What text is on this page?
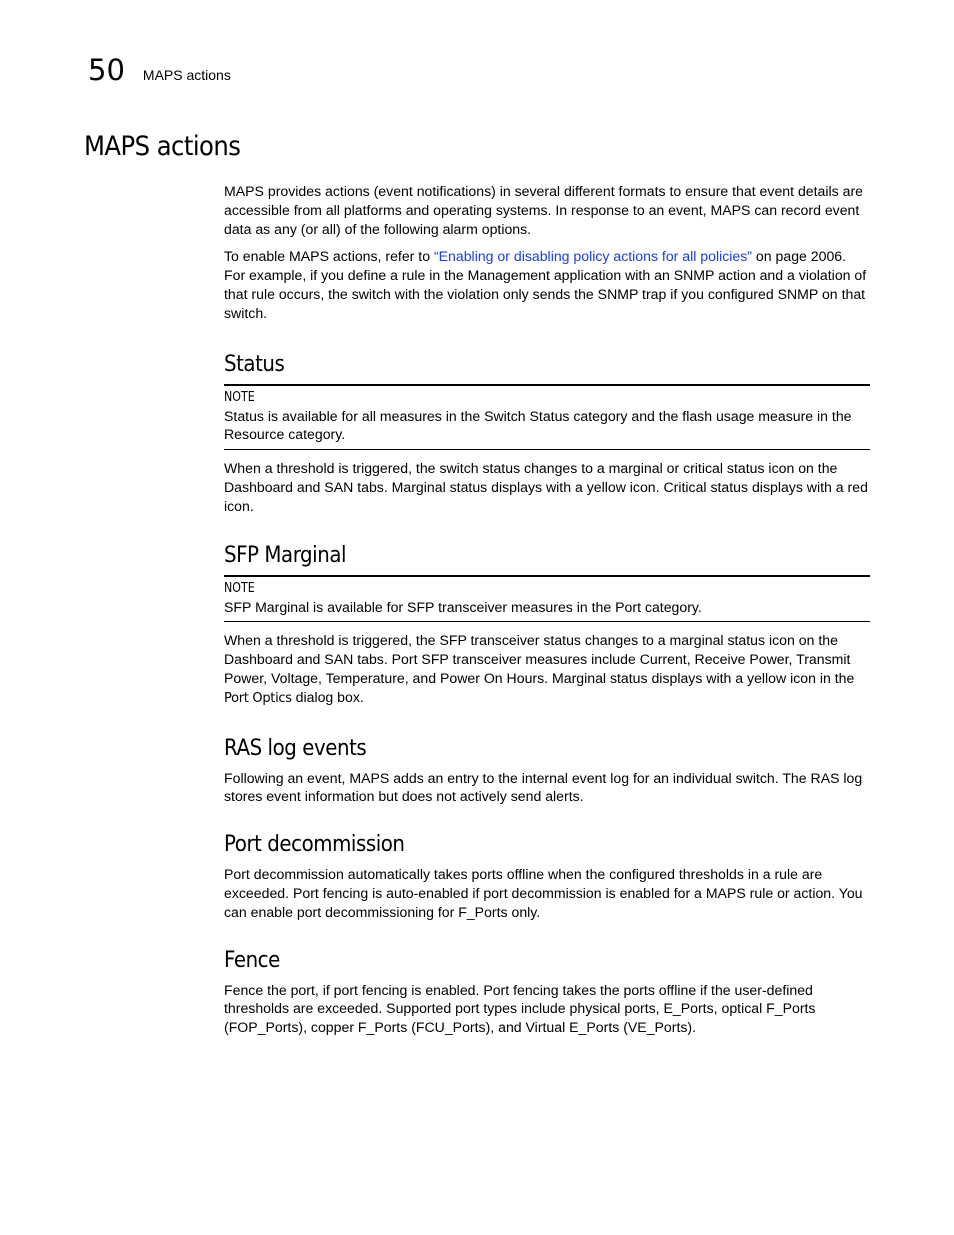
50 MAPS actions
MAPS actions

MAPS provides actions (event notifications) in several different formats to ensure that event details are accessible from all platforms and operating systems. In response to an event, MAPS can record event data as any (or all) of the following alarm options.

To enable MAPS actions, refer to “Enabling or disabling policy actions for all policies” on page 2006. For example, if you define a rule in the Management application with an SNMP action and a violation of that rule occurs, the switch with the violation only sends the SNMP trap if you configured SNMP on that switch.

Status
NOTE

Status is available for all measures in the Switch Status category and the flash usage measure in the Resource category.

When a threshold is triggered, the switch status changes to a marginal or critical status icon on the Dashboard and SAN tabs. Marginal status displays with a yellow icon. Critical status displays with a red icon.

SFP Marginal
NOTE

SFP Marginal is available for SFP transceiver measures in the Port category.

When a threshold is triggered, the SFP transceiver status changes to a marginal status icon on the Dashboard and SAN tabs. Port SFP transceiver measures include Current, Receive Power, Transmit Power, Voltage, Temperature, and Power On Hours. Marginal status displays with a yellow icon in the Port Optics dialog box.

RAS log events

Following an event, MAPS adds an entry to the internal event log for an individual switch. The RAS log stores event information but does not actively send alerts.

Port decommission

Port decommission automatically takes ports offline when the configured thresholds in a rule are exceeded. Port fencing is auto-enabled if port decommission is enabled for a MAPS rule or action. You can enable port decommissioning for F_Ports only.

Fence

Fence the port, if port fencing is enabled. Port fencing takes the ports offline if the user-defined thresholds are exceeded. Supported port types include physical ports, E_Ports, optical F_Ports (FOP_Ports), copper F_Ports (FCU_Ports), and Virtual E_Ports (VE_Ports).
